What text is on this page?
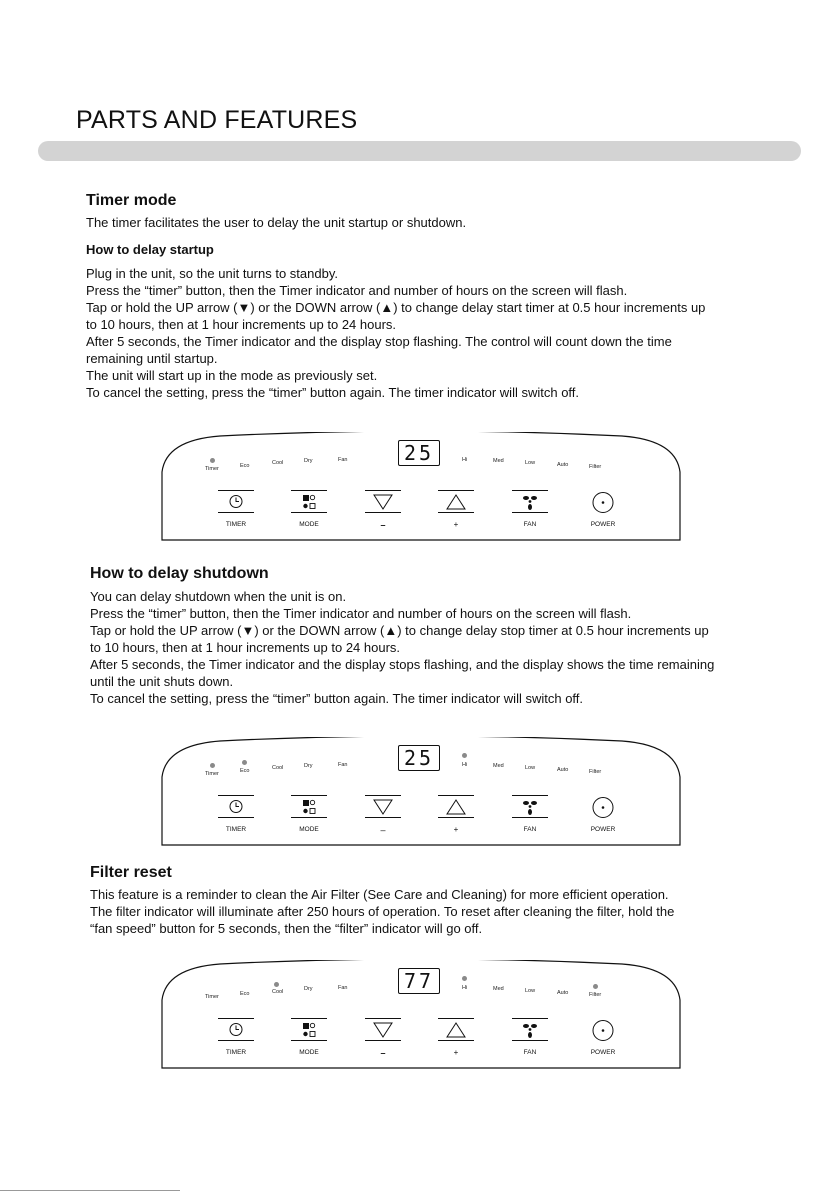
PARTS AND FEATURES
Timer mode
The timer facilitates the user to delay the unit startup or shutdown.
How to delay startup
Plug in the unit, so the unit turns to standby.
Press the “timer” button, then the Timer indicator and number of hours on the screen will flash.
Tap or hold the UP arrow (▼) or the DOWN arrow (▲) to change delay start timer at 0.5 hour increments up
to 10 hours, then at 1 hour increments up to 24 hours.
After 5 seconds, the Timer indicator and the display stop flashing. The control will count down the time
remaining until startup.
The unit will start up in the mode as previously set.
To cancel the setting, press the “timer” button again. The timer indicator will switch off.
Timer	Eco	Cool	Dry	Fan	25	Hi	Med	Low	Auto	Filter
TIMER	MODE	–	+	FAN	POWER
How to delay shutdown
You can delay shutdown when the unit is on.
Press the “timer” button, then the Timer indicator and number of hours on the screen will flash.
Tap or hold the UP arrow (▼) or the DOWN arrow (▲) to change delay stop timer at 0.5 hour increments up
to 10 hours, then at 1 hour increments up to 24 hours.
After 5 seconds, the Timer indicator and the display stops flashing, and the display shows the time remaining
until the unit shuts down.
To cancel the setting, press the “timer” button again. The timer indicator will switch off.
Timer	Eco	Cool	Dry	Fan	25	Hi	Med	Low	Auto	Filter
TIMER	MODE	–	+	FAN	POWER
Filter reset
This feature is a reminder to clean the Air Filter (See Care and Cleaning) for more efficient operation.
The filter indicator will illuminate after 250 hours of operation. To reset after cleaning the filter, hold the
“fan speed” button for 5 seconds, then the “filter” indicator will go off.
Timer	Eco	Cool	Dry	Fan	77	Hi	Med	Low	Auto	Filter
TIMER	MODE	–	+	FAN	POWER
